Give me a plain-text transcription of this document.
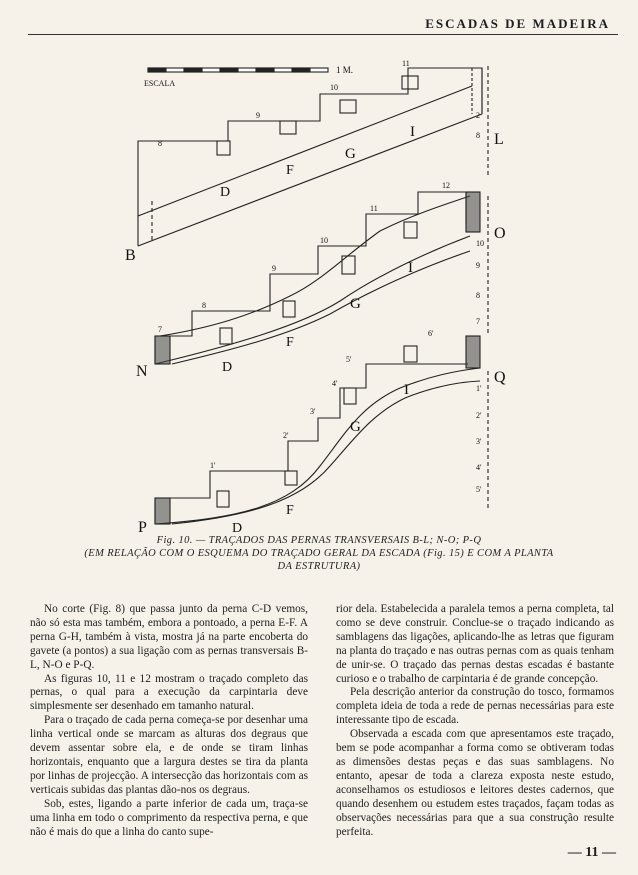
ESCADAS DE MADEIRA
ESCALA
1 M.
B
L
D
F
G
I
8
9
10
11
2
8
N
O
D
F
G
I
7
8
9
10
11
12
10
9
8
7
P
Q
D
F
G
I
1'
2'
3'
4'
5'
6'
1'
2'
3'
4'
5'
Fig. 10. — TRAÇADOS DAS PERNAS TRANSVERSAIS B-L; N-O; P-Q
(EM RELAÇÃO COM O ESQUEMA DO TRAÇADO GERAL DA ESCADA (Fig. 15) E COM A PLANTA
DA ESTRUTURA)

No corte (Fig. 8) que passa junto da perna C-D vemos, não só esta mas também, embora a pontoado, a perna E-F. A perna G-H, também à vista, mostra já na parte encoberta do gavete (a pontos) a sua ligação com as pernas transversais B-L, N-O e P-Q.

As figuras 10, 11 e 12 mostram o traçado completo das pernas, o qual para a execução da carpintaria deve simplesmente ser desenhado em tamanho natural.

Para o traçado de cada perna começa-se por desenhar uma linha vertical onde se marcam as alturas dos degraus que devem assentar sobre ela, e de onde se tiram linhas horizontais, enquanto que a largura destes se tira da planta por linhas de projecção. A intersecção das horizontais com as verticais subidas das plantas dão-nos os degraus.

Sob, estes, ligando a parte inferior de cada um, traça-se uma linha em todo o comprimento da respectiva perna, e que não é mais do que a linha do canto supe-

rior dela. Estabelecida a paralela temos a perna completa, tal como se deve construir. Conclue-se o traçado indicando as samblagens das ligações, aplicando-lhe as letras que figuram na planta do traçado e nas outras pernas com as quais tenham de unir-se. O traçado das pernas destas escadas é bastante curioso e o trabalho de carpintaria é de grande concepção.

Pela descrição anterior da construção do tosco, formamos completa ideia de toda a rede de pernas necessárias para este interessante tipo de escada.

Observada a escada com que apresentamos este traçado, bem se pode acompanhar a forma como se obtiveram todas as dimensões destas peças e das suas samblagens. No entanto, apesar de toda a clareza exposta neste estudo, aconselhamos os estudiosos e leitores destes cadernos, que quando desenhem ou estudem estes traçados, façam todas as observações necessárias para que a sua construção resulte perfeita.

— 11 —
